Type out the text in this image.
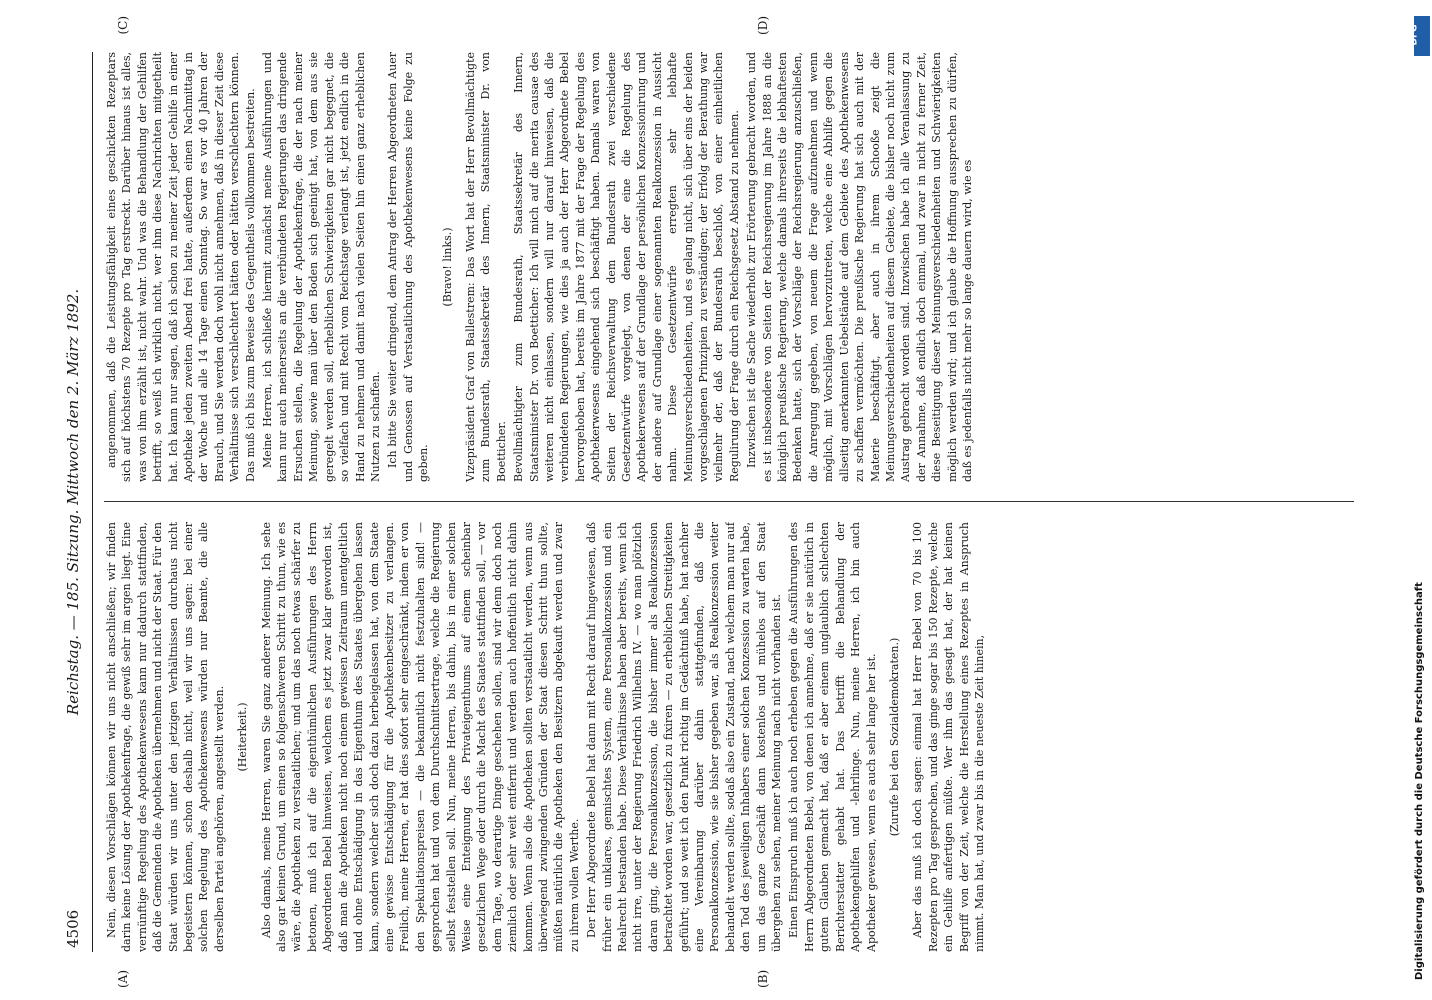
4506
Reichstag. — 185. Sitzung. Mittwoch den 2. März 1892.

Nein, diesen Vorschlägen können wir uns nicht anschließen; wir finden darin keine Lösung der Apothekenfrage, die gewiß sehr im argen liegt. Eine vernünftige Regelung des Apothekenwesens kann nur dadurch stattfinden, daß die Gemeinden die Apotheken übernehmen und nicht der Staat. Für den Staat würden wir uns unter den jetzigen Verhältnissen durchaus nicht begeistern können, schon deshalb nicht, weil wir uns sagen: bei einer solchen Regelung des Apothekenwesens würden nur Beamte, die alle derselben Partei angehören, angestellt werden. (Heiterkeit.) Also damals, meine Herren, waren Sie ganz anderer Meinung. Ich sehe also gar keinen Grund, um einen so folgenschweren Schritt zu thun, wie es wäre, die Apotheken zu verstaatlichen; und um das noch etwas schärfer zu betonen, muß ich auf die eigenthümlichen Ausführungen des Herrn Abgeordneten Bebel hinweisen, welchem es jetzt zwar klar geworden ist, daß man die Apotheken nicht noch einem gewissen Zeitraum unentgeltlich und ohne Entschädigung in das Eigenthum des Staates übergehen lassen kann, sondern welcher sich doch dazu herbeigelassen hat, von dem Staate eine gewisse Entschädigung für die Apothekenbesitzer zu verlangen. Freilich, meine Herren, er hat dies sofort sehr eingeschränkt, indem er von den Spekulationspreisen — die bekanntlich nicht festzuhalten sind! — gesprochen hat und von dem Durchschnittsertrage, welche die Regierung selbst feststellen soll. Nun, meine Herren, bis dahin, bis in einer solchen Weise eine Enteignung des Privateigenthums auf einem scheinbar gesetzlichen Wege oder durch die Macht des Staates stattfinden soll, — vor dem Tage, wo derartige Dinge geschehen sollen, sind wir denn doch noch ziemlich oder sehr weit entfernt und werden auch hoffentlich nicht dahin kommen. Wenn also die Apotheken sollten verstaatlicht werden, wenn aus überwiegend zwingenden Gründen der Staat diesen Schritt thun sollte, müßten natürlich die Apotheken den Besitzern abgekauft werden und zwar zu ihrem vollen Werthe. Der Herr Abgeordnete Bebel hat dann mit Recht darauf hingewiesen, daß früher ein unklares, gemischtes System, eine Personalkonzession und ein Realrecht bestanden habe. Diese Verhältnisse haben aber bereits, wenn ich nicht irre, unter der Regierung Friedrich Wilhelms IV. — wo man plötzlich daran ging, die Personalkonzession, die bisher immer als Realkonzession betrachtet worden war, gesetzlich zu fixiren — zu erheblichen Streitigkeiten geführt; und so weit ich den Punkt richtig im Gedächtniß habe, hat nachher eine Vereinbarung darüber dahin stattgefunden, daß die Personalkonzession, wie sie bisher gegeben war, als Realkonzession weiter behandelt werden sollte, sodaß also ein Zustand, nach welchem man nur auf den Tod des jeweiligen Inhabers einer solchen Konzession zu warten habe, um das ganze Geschäft dann kostenlos und mühelos auf den Staat übergehen zu sehen, meiner Meinung nach nicht vorhanden ist. Einen Einspruch muß ich auch noch erheben gegen die Ausführungen des Herrn Abgeordneten Bebel, von denen ich annehme, daß er sie natürlich in gutem Glauben gemacht hat, daß er aber einem unglaublich schlechten Berichterstatter gehabt hat. Das betrifft die Behandlung der Apothekengehilfen und -lehrlinge. Nun, meine Herren, ich bin auch Apotheker gewesen, wenn es auch sehr lange her ist. (Zurufe bei den Sozialdemokraten.) Aber das muß ich doch sagen: einmal hat Herr Bebel von 70 bis 100 Rezepten pro Tag gesprochen, und das ginge sogar bis 150 Rezepte, welche ein Gehilfe anfertigen müßte. Wer ihm das gesagt hat, der hat keinen Begriff von der Zeit, welche die Herstellung eines Rezeptes in Anspruch nimmt. Man hat, und zwar bis in die neueste Zeit hinein,

angenommen, daß die Leistungsfähigkeit eines geschickten Rezeptars sich auf höchstens 70 Rezepte pro Tag erstreckt. Darüber hinaus ist alles, was von ihm erzählt ist, nicht wahr. Und was die Behandlung der Gehilfen betrifft, so weiß ich wirklich nicht, wer ihm diese Nachrichten mitgetheilt hat. Ich kann nur sagen, daß ich schon zu meiner Zeit jeder Gehilfe in einer Apotheke jeden zweiten Abend frei hatte, außerdem einen Nachmittag in der Woche und alle 14 Tage einen Sonntag. So war es vor 40 Jahren der Brauch, und Sie werden doch wohl nicht annehmen, daß in dieser Zeit diese Verhältnisse sich verschlechtert hätten oder hätten verschlechtern können. Das muß ich bis zum Beweise des Gegentheils vollkommen bestreiten. Meine Herren, ich schließe hiermit zunächst meine Ausführungen und kann nur auch meinerseits an die verbündeten Regierungen das dringende Ersuchen stellen, die Regelung der Apothekenfrage, die der nach meiner Meinung, sowie man über den Boden sich geeinigt hat, von dem aus sie geregelt werden soll, erheblichen Schwierigkeiten gar nicht begegnet, die so vielfach und mit Recht vom Reichstage verlangt ist, jetzt endlich in die Hand zu nehmen und damit nach vielen Seiten hin einen ganz erheblichen Nutzen zu schaffen. Ich bitte Sie weiter dringend, dem Antrag der Herren Abgeordneten Auer und Genossen auf Verstaatlichung des Apothekenwesens keine Folge zu geben.

(Bravo! links.) Vizepräsident Graf von Ballestrem: Das Wort hat der Herr Bevollmächtigte zum Bundesrath, Staatssekretär des Innern, Staatsminister Dr. von Boetticher. Bevollmächtigter zum Bundesrath, Staatssekretär des Innern, Staatsminister Dr. von Boetticher: Ich will mich auf die merita causae des weiteren nicht einlassen, sondern will nur darauf hinweisen, daß die verbündeten Regierungen, wie dies ja auch der Herr Abgeordnete Bebel hervorgehoben hat, bereits im Jahre 1877 mit der Frage der Regelung des Apothekerwesens eingehend sich beschäftigt haben. Damals waren von Seiten der Reichsverwaltung dem Bundesrath zwei verschiedene Gesetzentwürfe vorgelegt, von denen der eine die Regelung des Apothekerwesens auf der Grundlage der persönlichen Konzessionirung und der andere auf Grundlage einer sogenannten Realkonzession in Aussicht nahm. Diese Gesetzentwürfe erregten sehr lebhafte Meinungsverschiedenheiten, und es gelang nicht, sich über eins der beiden vorgeschlagenen Prinzipien zu verständigen; der Erfolg der Berathung war vielmehr der, daß der Bundesrath beschloß, von einer einheitlichen Regulirung der Frage durch ein Reichsgesetz Abstand zu nehmen. Inzwischen ist die Sache wiederholt zur Erörterung gebracht worden, und es ist insbesondere von Seiten der Reichsregierung im Jahre 1888 an die königlich preußische Regierung, welche damals ihrerseits die lebhaftesten Bedenken hatte, sich der Vorschläge der Reichsregierung anzuschließen, die Anregung gegeben, von neuem die Frage aufzunehmen und wenn möglich, mit Vorschlägen hervorzutreten, welche eine Abhilfe gegen die allseitig anerkannten Uebelstände auf dem Gebiete des Apothekenwesens zu schaffen vermöchten. Die preußische Regierung hat sich auch mit der Materie beschäftigt, aber auch in ihrem Schooße zeigt die Meinungsverschiedenheiten auf diesem Gebiete, die bisher noch nicht zum Austrag gebracht worden sind. Inzwischen habe ich alle Veranlassung zu der Annahme, daß endlich doch einmal, und zwar in nicht zu ferner Zeit, diese Beseitigung dieser Meinungsverschiedenheiten und Schwierigkeiten möglich werden wird; und ich glaube die Hoffnung aussprechen zu dürfen, daß es jedenfalls nicht mehr so lange dauern wird, wie es

(A)	(B)
(C)	(D)
Digitalisierung gefördert durch die Deutsche Forschungsgemeinschaft
DFG
